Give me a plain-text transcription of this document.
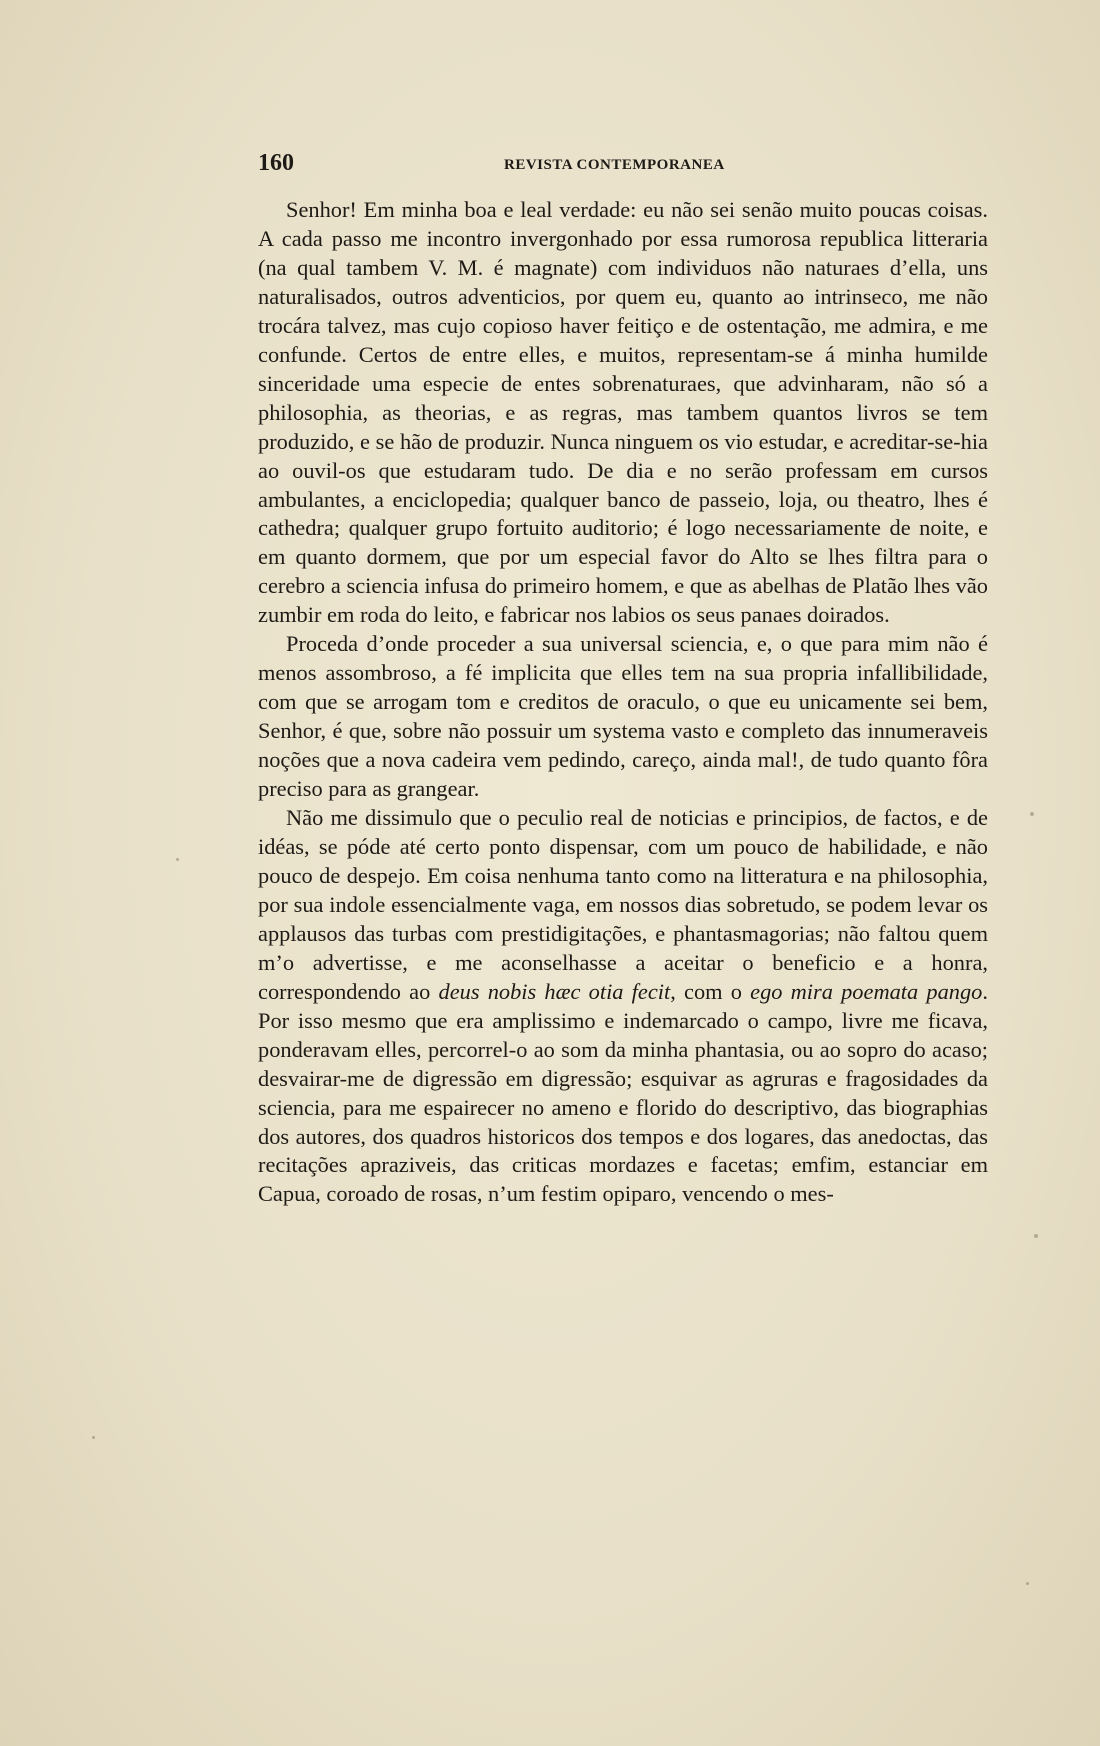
160	REVISTA CONTEMPORANEA

Senhor! Em minha boa e leal verdade: eu não sei senão muito poucas coisas. A cada passo me incontro invergonhado por essa rumorosa republica litteraria (na qual tambem V. M. é magnate) com individuos não naturaes d’ella, uns naturalisados, outros adventicios, por quem eu, quanto ao intrinseco, me não trocára talvez, mas cujo copioso haver feitiço e de ostentação, me admira, e me confunde. Certos de entre elles, e muitos, representam-se á minha humilde sinceridade uma especie de entes sobrenaturaes, que advinharam, não só a philosophia, as theorias, e as regras, mas tambem quantos livros se tem produzido, e se hão de produzir. Nunca ninguem os vio estudar, e acreditar-se-hia ao ouvil-os que estudaram tudo. De dia e no serão professam em cursos ambulantes, a enciclopedia; qualquer banco de passeio, loja, ou theatro, lhes é cathedra; qualquer grupo fortuito auditorio; é logo necessariamente de noite, e em quanto dormem, que por um especial favor do Alto se lhes filtra para o cerebro a sciencia infusa do primeiro homem, e que as abelhas de Platão lhes vão zumbir em roda do leito, e fabricar nos labios os seus panaes doirados.

Proceda d’onde proceder a sua universal sciencia, e, o que para mim não é menos assombroso, a fé implicita que elles tem na sua propria infallibilidade, com que se arrogam tom e creditos de oraculo, o que eu unicamente sei bem, Senhor, é que, sobre não possuir um systema vasto e completo das innumeraveis noções que a nova cadeira vem pedindo, careço, ainda mal!, de tudo quanto fôra preciso para as grangear.

Não me dissimulo que o peculio real de noticias e principios, de factos, e de idéas, se póde até certo ponto dispensar, com um pouco de habilidade, e não pouco de despejo. Em coisa nenhuma tanto como na litteratura e na philosophia, por sua indole essencialmente vaga, em nossos dias sobretudo, se podem levar os applausos das turbas com prestidigitações, e phantasmagorias; não faltou quem m’o advertisse, e me aconselhasse a aceitar o beneficio e a honra, correspondendo ao deus nobis hæc otia fecit, com o ego mira poemata pango. Por isso mesmo que era amplissimo e indemarcado o campo, livre me ficava, ponderavam elles, percorrel-o ao som da minha phantasia, ou ao sopro do acaso; desvairar-me de digressão em digressão; esquivar as agruras e fragosidades da sciencia, para me espairecer no ameno e florido do descriptivo, das biographias dos autores, dos quadros historicos dos tempos e dos logares, das anedoctas, das recitações apraziveis, das criticas mordazes e facetas; emfim, estanciar em Capua, coroado de rosas, n’um festim opiparo, vencendo o mes-
